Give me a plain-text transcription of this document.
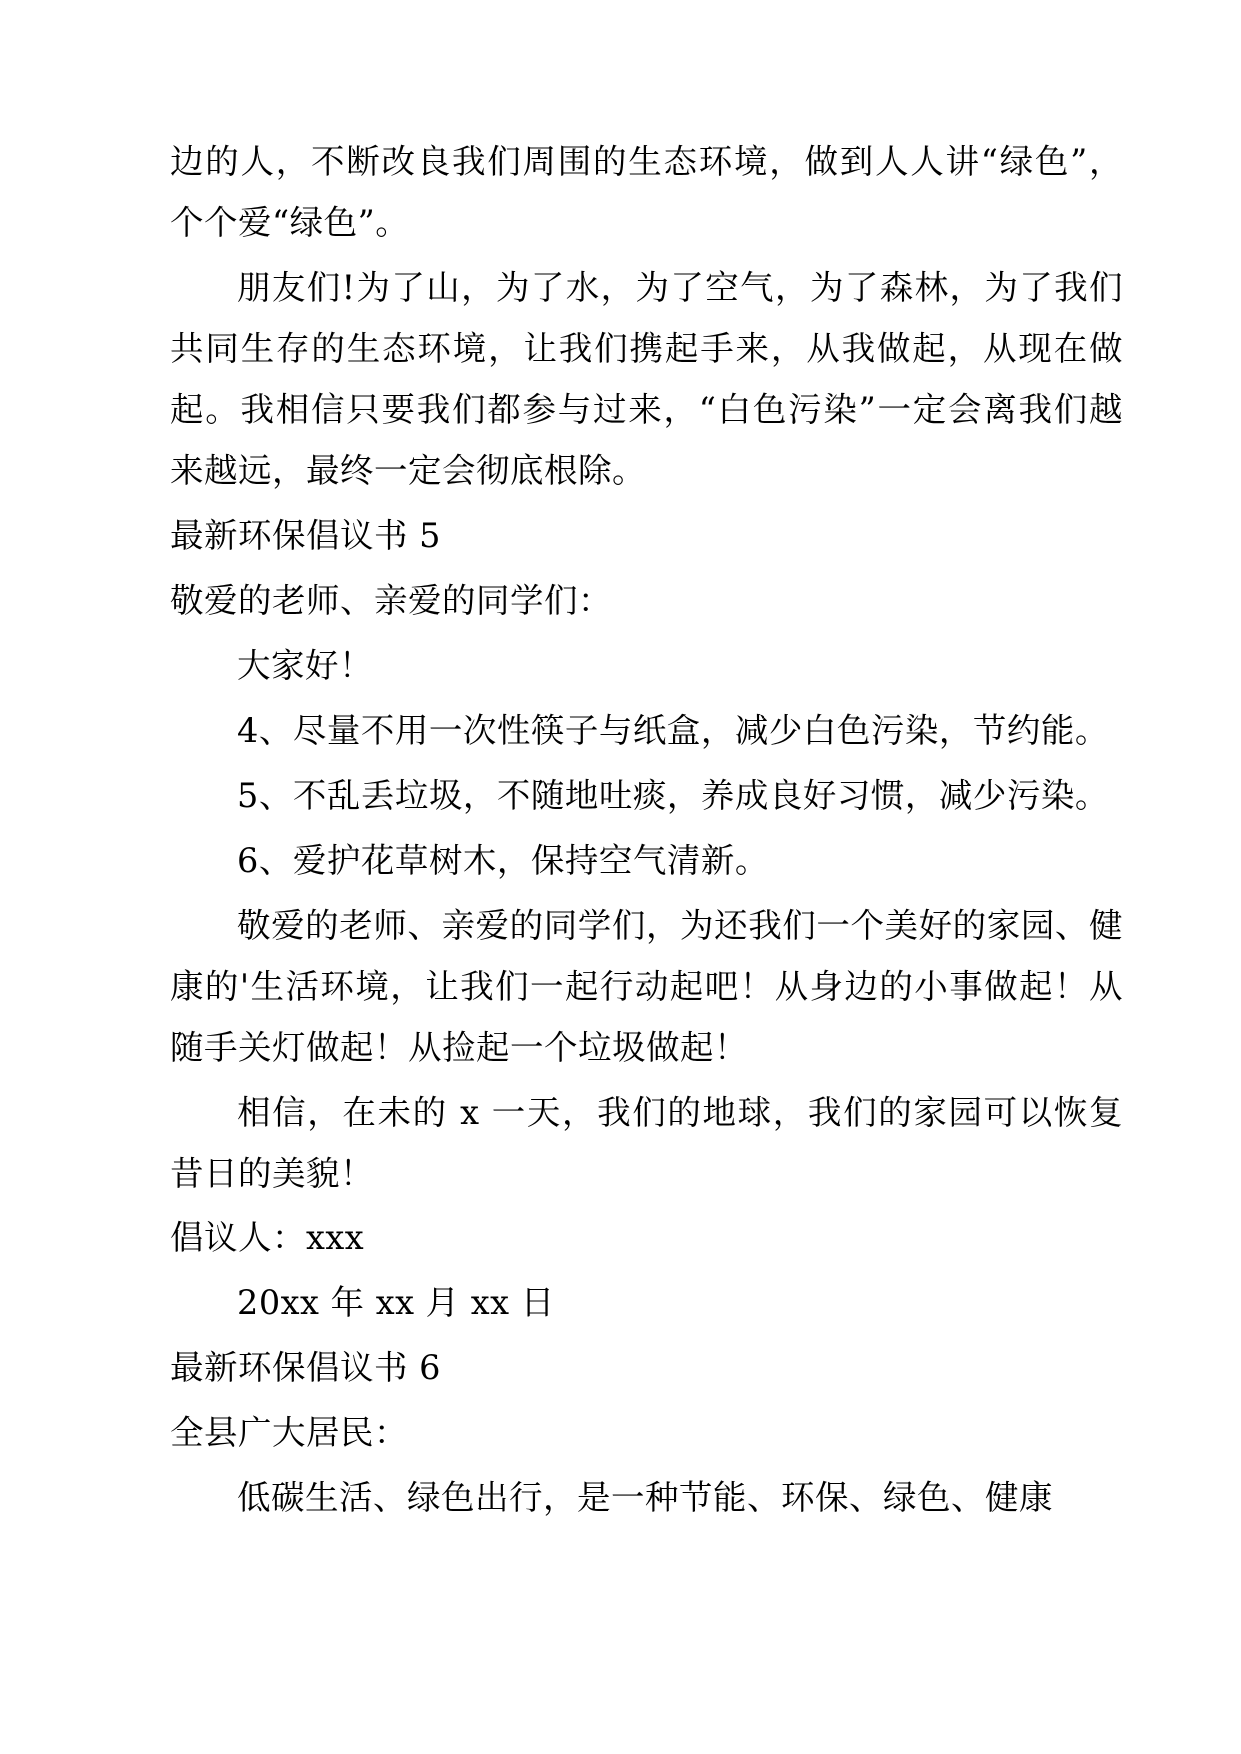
边的人，不断改良我们周围的生态环境，做到人人讲“绿色”，个个爱“绿色”。

朋友们!为了山，为了水，为了空气，为了森林，为了我们共同生存的生态环境，让我们携起手来，从我做起，从现在做起。我相信只要我们都参与过来，“白色污染”一定会离我们越来越远，最终一定会彻底根除。

最新环保倡议书 5

敬爱的老师、亲爱的同学们：

大家好！

4、尽量不用一次性筷子与纸盒，减少白色污染，节约能。

5、不乱丢垃圾，不随地吐痰，养成良好习惯，减少污染。

6、爱护花草树木，保持空气清新。

敬爱的老师、亲爱的同学们，为还我们一个美好的家园、健康的'生活环境，让我们一起行动起吧！从身边的小事做起！从随手关灯做起！从捡起一个垃圾做起！

相信，在未的 x 一天，我们的地球，我们的家园可以恢复昔日的美貌！

倡议人：xxx

20xx 年 xx 月 xx 日

最新环保倡议书 6

全县广大居民：

低碳生活、绿色出行，是一种节能、环保、绿色、健康
